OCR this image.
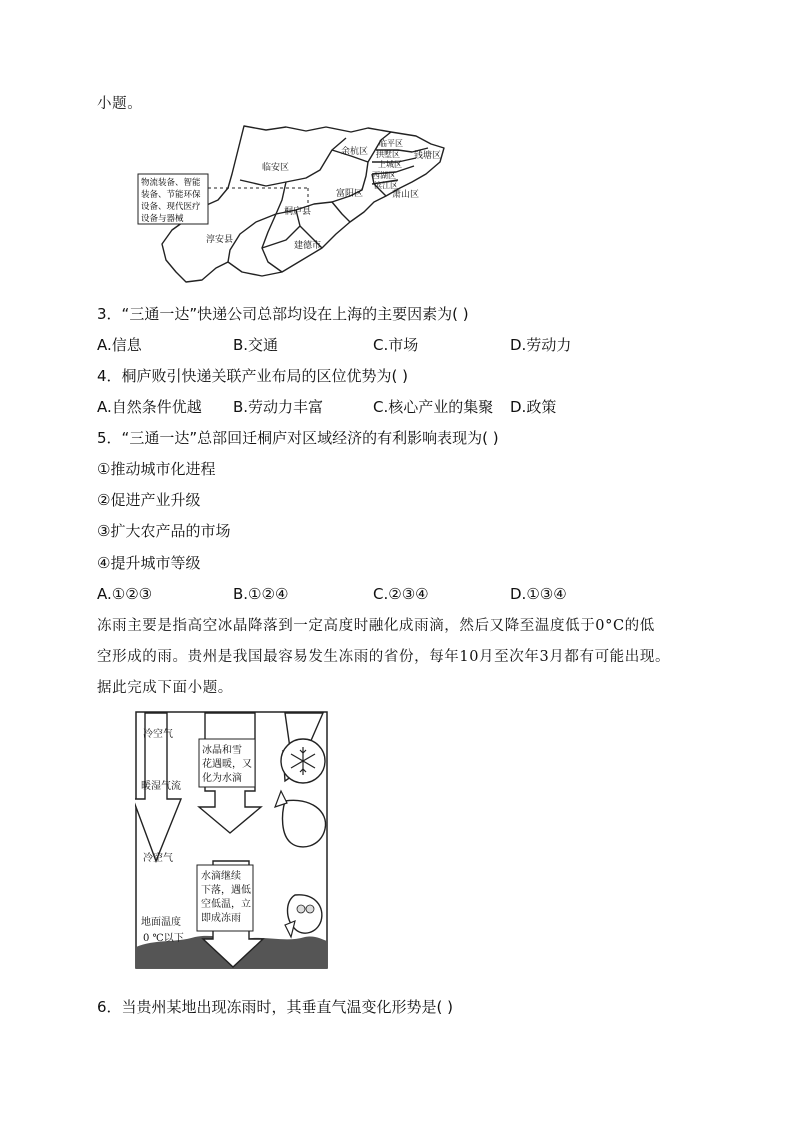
小题。
物流装备、智能
装备、节能环保
设备、现代医疗
设备与器械
临安区
余杭区
临平区
拱墅区
上城区
西湖区
滨江区
钱塘区
富阳区	萧山区
桐庐县
淳安县
建德市
3．“三通一达”快递公司总部均设在上海的主要因素为( )
A.信息	B.交通	C.市场	D.劳动力
4．桐庐败引快递关联产业布局的区位优势为( )
A.自然条件优越 B.劳动力丰富	C.核心产业的集聚 D.政策
5．“三通一达”总部回迁桐庐对区域经济的有利影响表现为( )
①推动城市化进程
②促进产业升级
③扩大农产品的市场
④提升城市等级
A.①②③	B.①②④	C.②③④	D.①③④
冻雨主要是指高空冰晶降落到一定高度时融化成雨滴，然后又降至温度低于0°C的低
空形成的雨。贵州是我国最容易发生冻雨的省份，每年10月至次年3月都有可能出现。
据此完成下面小题。
冷空气
暖湿气流
冷空气
地面温度
0 ℃以下
冰晶和雪
花遇暖，又
化为水滴
水滴继续
下落，遇低
空低温，立
即成冻雨
6．当贵州某地出现冻雨时，其垂直气温变化形势是( )
